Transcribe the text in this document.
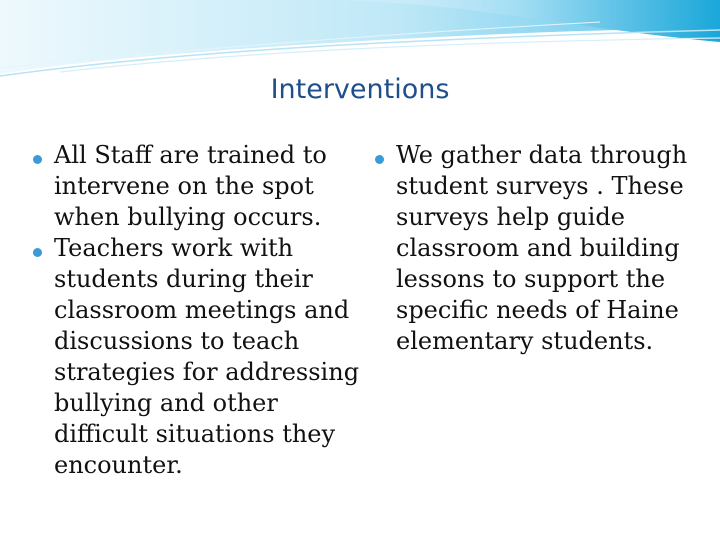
Interventions
All Staff are trained to intervene on the spot when bullying occurs.
Teachers work with students during their classroom meetings and discussions to teach strategies for addressing bullying and other difficult situations they encounter.
We gather data through student surveys . These surveys help guide classroom and building lessons to support the specific needs of Haine elementary students.
